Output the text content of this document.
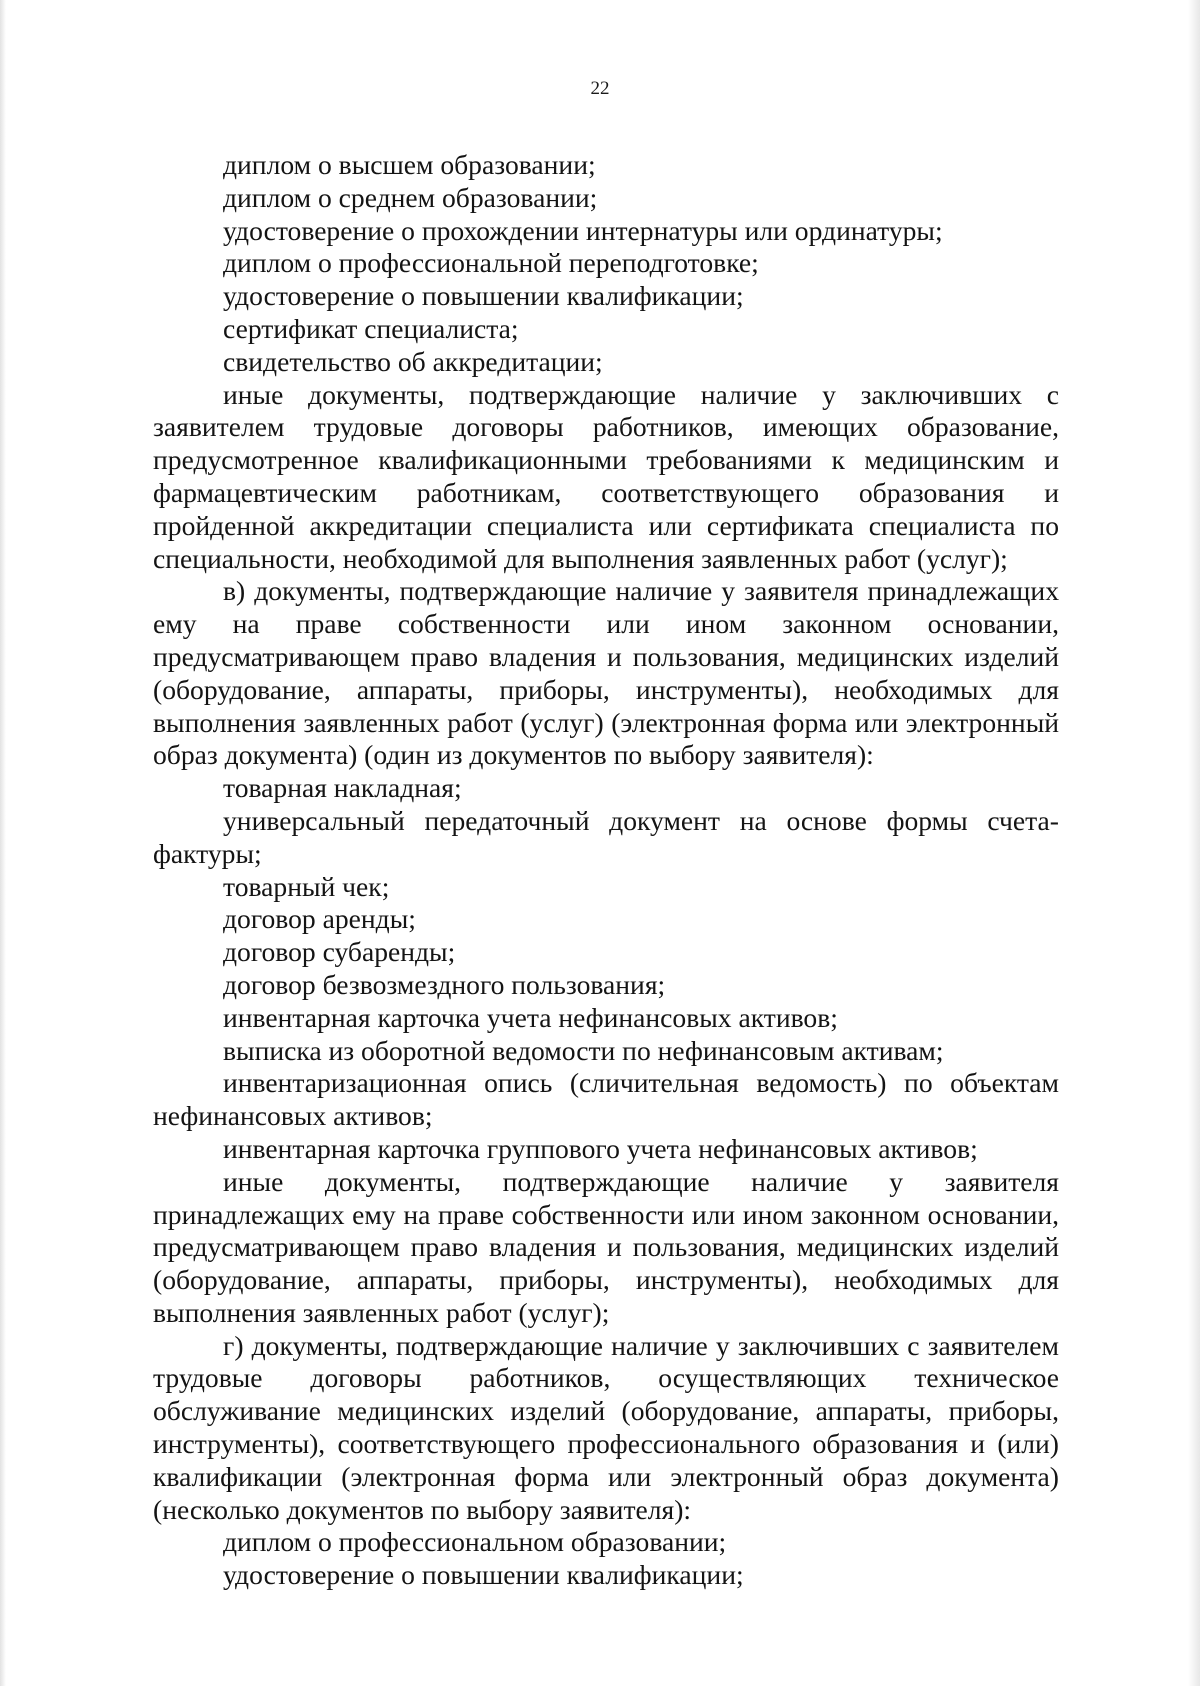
22

диплом о высшем образовании;

диплом о среднем образовании;

удостоверение о прохождении интернатуры или ординатуры;

диплом о профессиональной переподготовке;

удостоверение о повышении квалификации;

сертификат специалиста;

свидетельство об аккредитации;

иные документы, подтверждающие наличие у заключивших с заявителем трудовые договоры работников, имеющих образование, предусмотренное квалификационными требованиями к медицинским и фармацевтическим работникам, соответствующего образования и пройденной аккредитации специалиста или сертификата специалиста по специальности, необходимой для выполнения заявленных работ (услуг);

в) документы, подтверждающие наличие у заявителя принадлежащих ему на праве собственности или ином законном основании, предусматривающем право владения и пользования, медицинских изделий (оборудование, аппараты, приборы, инструменты), необходимых для выполнения заявленных работ (услуг) (электронная форма или электронный образ документа) (один из документов по выбору заявителя):

товарная накладная;

универсальный передаточный документ на основе формы счета-фактуры;

товарный чек;

договор аренды;

договор субаренды;

договор безвозмездного пользования;

инвентарная карточка учета нефинансовых активов;

выписка из оборотной ведомости по нефинансовым активам;

инвентаризационная опись (сличительная ведомость) по объектам нефинансовых активов;

инвентарная карточка группового учета нефинансовых активов;

иные документы, подтверждающие наличие у заявителя принадлежащих ему на праве собственности или ином законном основании, предусматривающем право владения и пользования, медицинских изделий (оборудование, аппараты, приборы, инструменты), необходимых для выполнения заявленных работ (услуг);

г) документы, подтверждающие наличие у заключивших с заявителем трудовые договоры работников, осуществляющих техническое обслуживание медицинских изделий (оборудование, аппараты, приборы, инструменты), соответствующего профессионального образования и (или) квалификации (электронная форма или электронный образ документа) (несколько документов по выбору заявителя):

диплом о профессиональном образовании;

удостоверение о повышении квалификации;
